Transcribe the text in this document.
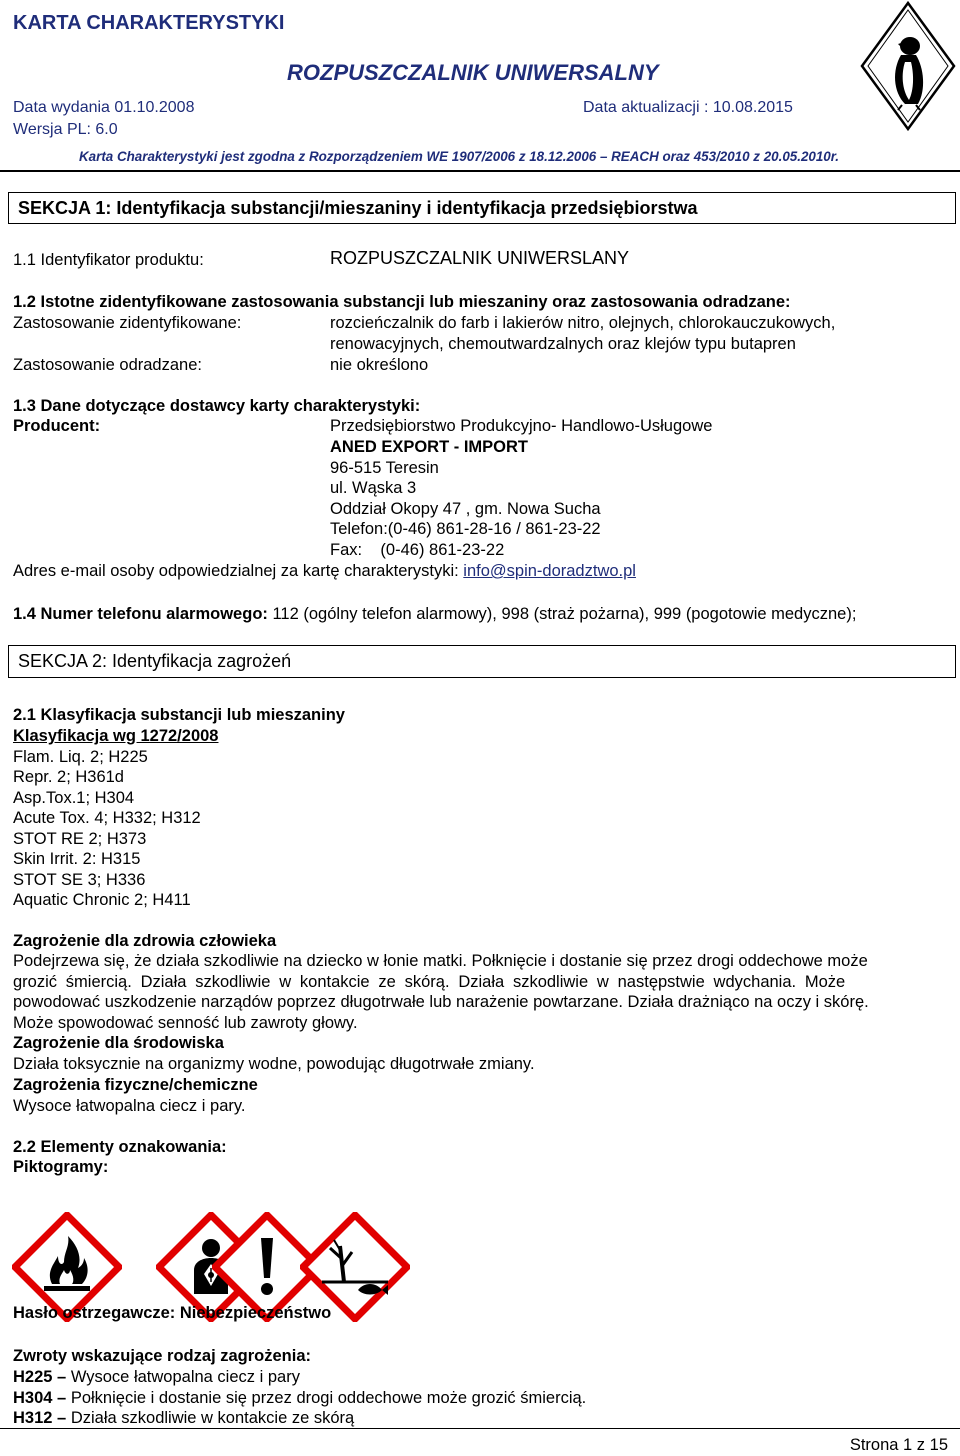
KARTA CHARAKTERYSTYKI
ROZPUSZCZALNIK UNIWERSALNY
Data wydania 01.10.2008	Data aktualizacji : 10.08.2015
Wersja PL: 6.0
Karta Charakterystyki jest zgodna z Rozporządzeniem WE 1907/2006 z 18.12.2006 – REACH oraz 453/2010 z 20.05.2010r.
SEKCJA 1: Identyfikacja substancji/mieszaniny i identyfikacja przedsiębiorstwa
1.1 Identyfikator produktu:	ROZPUSZCZALNIK UNIWERSLANY
1.2 Istotne zidentyfikowane zastosowania substancji lub mieszaniny oraz zastosowania odradzane:
Zastosowanie zidentyfikowane:	rozcieńczalnik do farb i lakierów nitro, olejnych, chlorokauczukowych,
renowacyjnych, chemoutwardzalnych oraz klejów typu butapren
Zastosowanie odradzane:	nie określono
1.3 Dane dotyczące dostawcy karty charakterystyki:
Producent:	Przedsiębiorstwo Produkcyjno- Handlowo-Usługowe
ANED EXPORT - IMPORT
96-515 Teresin
ul. Wąska 3
Oddział Okopy 47 , gm. Nowa Sucha
Telefon:(0-46) 861-28-16 / 861-23-22
Fax:    (0-46) 861-23-22
Adres e-mail osoby odpowiedzialnej za kartę charakterystyki: info@spin-doradztwo.pl
1.4 Numer telefonu alarmowego: 112 (ogólny telefon alarmowy), 998 (straż pożarna), 999 (pogotowie medyczne);
SEKCJA 2: Identyfikacja zagrożeń
2.1 Klasyfikacja substancji lub mieszaniny
Klasyfikacja wg 1272/2008
Flam. Liq. 2; H225
Repr. 2; H361d
Asp.Tox.1; H304
Acute Tox. 4; H332; H312
STOT RE 2; H373
Skin Irrit. 2: H315
STOT SE 3; H336
Aquatic Chronic 2; H411
Zagrożenie dla zdrowia człowieka
Podejrzewa się, że działa szkodliwie na dziecko w łonie matki. Połknięcie i dostanie się przez drogi oddechowe może
grozić śmiercią. Działa szkodliwie w kontakcie ze skórą. Działa szkodliwie w następstwie wdychania. Może
powodować uszkodzenie narządów poprzez długotrwałe lub narażenie powtarzane. Działa drażniąco na oczy i skórę.
Może spowodować senność lub zawroty głowy.
Zagrożenie dla środowiska
Działa toksycznie na organizmy wodne, powodując długotrwałe zmiany.
Zagrożenia fizyczne/chemiczne
Wysoce łatwopalna ciecz i pary.
2.2 Elementy oznakowania:
Piktogramy:
Hasło ostrzegawcze: Niebezpieczeństwo
Zwroty wskazujące rodzaj zagrożenia:
H225 – Wysoce łatwopalna ciecz i pary
H304 – Połknięcie i dostanie się przez drogi oddechowe może grozić śmiercią.
H312 – Działa szkodliwie w kontakcie ze skórą
Strona 1 z 15
